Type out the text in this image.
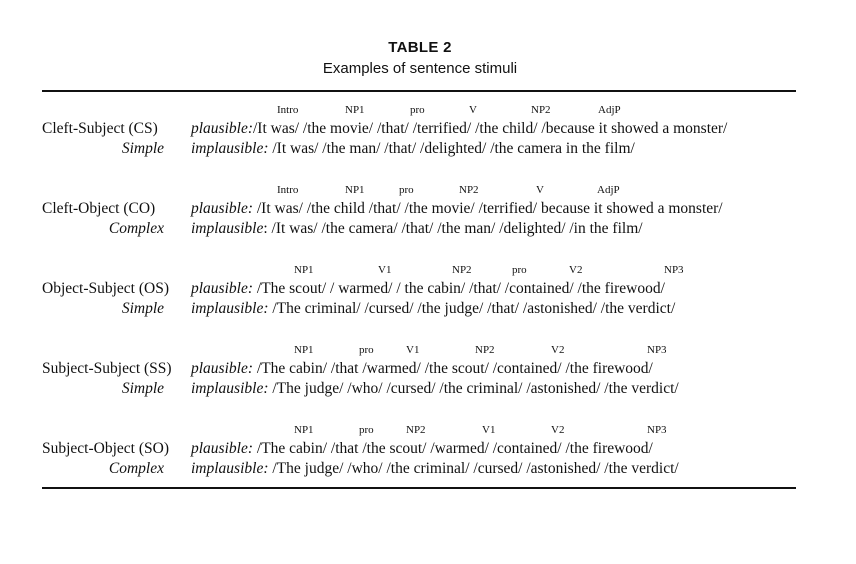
TABLE 2
Examples of sentence stimuli
Intro	NP1	pro	V	NP2	AdjP
Cleft-Subject (CS) plausible:/It was/ /the movie/ /that/ /terrified/ /the child/ /because it showed a monster/
Simple implausible: /It was/ /the man/ /that/ /delighted/ /the camera in the film/
Intro	NP1	pro	NP2	V	AdjP
Cleft-Object (CO) plausible: /It was/ /the child /that/ /the movie/ /terrified/ because it showed a monster/
Complex implausible: /It was/ /the camera/ /that/ /the man/ /delighted/ /in the film/
NP1	V1	NP2	pro	V2	NP3
Object-Subject (OS) plausible: /The scout/ / warmed/ / the cabin/ /that/ /contained/ /the firewood/
Simple implausible: /The criminal/ /cursed/ /the judge/ /that/ /astonished/ /the verdict/
NP1	pro	V1	NP2	V2	NP3
Subject-Subject (SS) plausible: /The cabin/ /that /warmed/ /the scout/ /contained/ /the firewood/
Simple implausible: /The judge/ /who/ /cursed/ /the criminal/ /astonished/ /the verdict/
NP1	pro	NP2	V1	V2	NP3
Subject-Object (SO) plausible: /The cabin/ /that /the scout/ /warmed/ /contained/ /the firewood/
Complex implausible: /The judge/ /who/ /the criminal/ /cursed/ /astonished/ /the verdict/
